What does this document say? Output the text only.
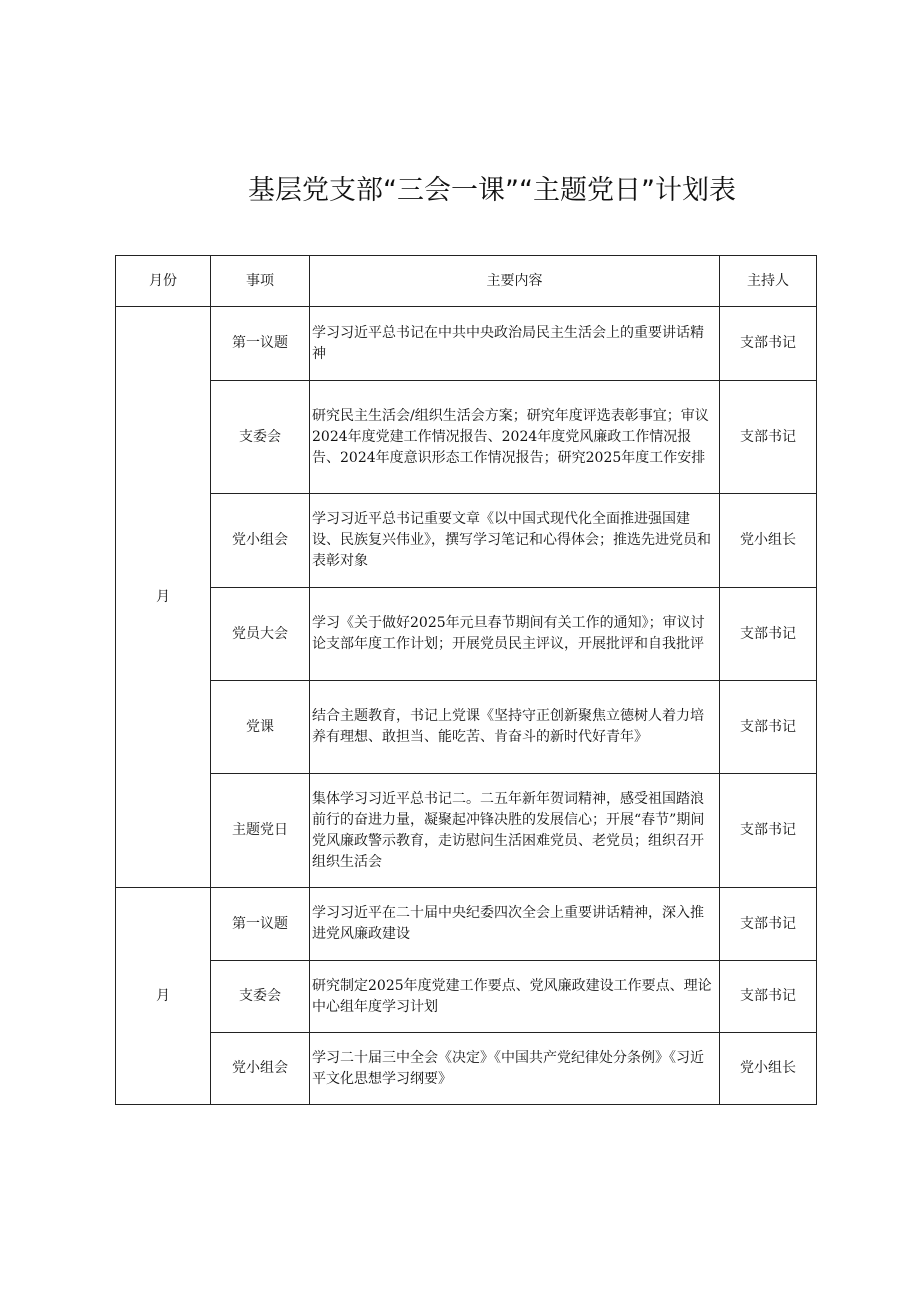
基层党支部“三会一课”“主题党日”计划表
月份	事项	主要内容	主持人
月	第一议题	学习习近平总书记在中共中央政治局民主生活会上的重要讲话精神	支部书记
	支委会	研究民主生活会/组织生活会方案；研究年度评选表彰事宜；审议2024年度党建工作情况报告、2024年度党风廉政工作情况报告、2024年度意识形态工作情况报告；研究2025年度工作安排	支部书记
	党小组会	学习习近平总书记重要文章《以中国式现代化全面推进强国建设、民族复兴伟业》，撰写学习笔记和心得体会；推选先进党员和表彰对象	党小组长
	党员大会	学习《关于做好2025年元旦春节期间有关工作的通知》；审议讨论支部年度工作计划；开展党员民主评议，开展批评和自我批评	支部书记
	党课	结合主题教育，书记上党课《坚持守正创新聚焦立德树人着力培养有理想、敢担当、能吃苦、肯奋斗的新时代好青年》	支部书记
	主题党日	集体学习习近平总书记二。二五年新年贺词精神，感受祖国踏浪前行的奋进力量，凝聚起冲锋决胜的发展信心；开展“春节”期间党风廉政警示教育，走访慰问生活困难党员、老党员；组织召开组织生活会	支部书记
月	第一议题	学习习近平在二十届中央纪委四次全会上重要讲话精神，深入推进党风廉政建设	支部书记
	支委会	研究制定2025年度党建工作要点、党风廉政建设工作要点、理论中心组年度学习计划	支部书记
	党小组会	学习二十届三中全会《决定》《中国共产党纪律处分条例》《习近平文化思想学习纲要》	党小组长
